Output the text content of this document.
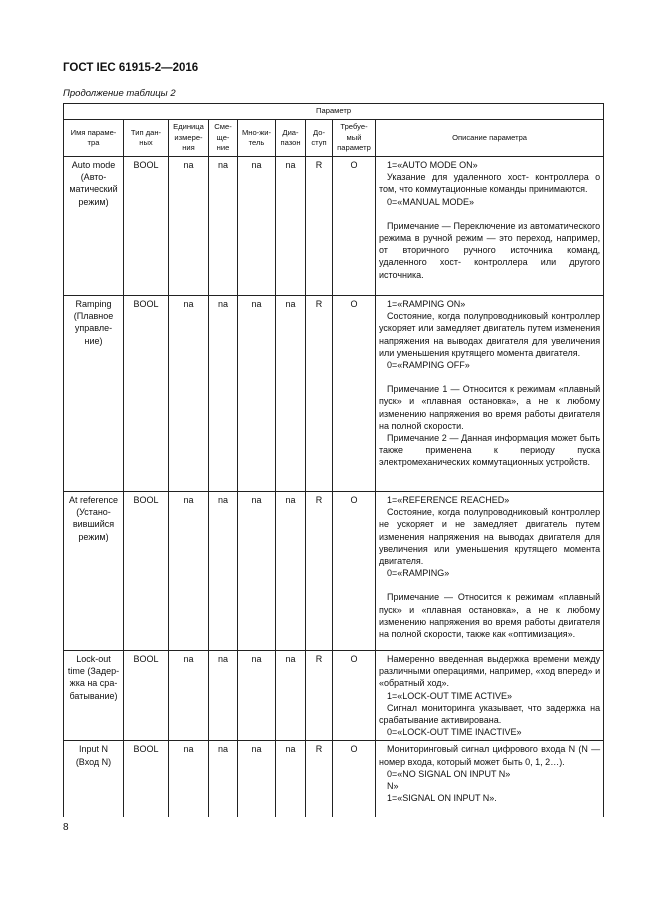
ГОСТ IEC 61915-2—2016
Продолжение таблицы 2
Параметр								
Имя параме-тра	Тип дан-ных	Единица измере-ния	Сме-ще-ние	Мно-жи-тель	Диа-пазон	До-ступ	Требуе-мый параметр	Описание параметра
Auto mode (Авто-матический режим)	BOOL	na	na	na	na	R	O	1=«AUTO MODE ON»

Указание для удаленного хост- контроллера о том, что коммутационные команды принимаются.

0=«MANUAL MODE»

Примечание — Переключение из автоматического режима в ручной режим — это переход, например, от вторичного ручного источника команд, удаленного хост- контроллера или другого источника.

Ramping (Плавное управле-ние)	BOOL	na	na	na	na	R	O	1=«RAMPING ON»

Состояние, когда полупроводниковый контроллер ускоряет или замедляет двигатель путем изменения напряжения на выводах двигателя для увеличения или уменьшения крутящего момента двигателя.

0=«RAMPING OFF»

Примечание 1 — Относится к режимам «плавный пуск» и «плавная остановка», а не к любому изменению напряжения во время работы двигателя на полной скорости.

Примечание 2 — Данная информация может быть также применена к периоду пуска электромеханических коммутационных устройств.

At reference (Устано-вившийся режим)	BOOL	na	na	na	na	R	O	1=«REFERENCE REACHED»

Состояние, когда полупроводниковый контроллер не ускоряет и не замедляет двигатель путем изменения напряжения на выводах двигателя для увеличения или уменьшения крутящего момента двигателя.

0=«RAMPING»

Примечание — Относится к режимам «плавный пуск» и «плавная остановка», а не к любому изменению напряжения во время работы двигателя на полной скорости, также как «оптимизация».

Lock-out time (Задер-жка на сра-батывание)	BOOL	na	na	na	na	R	O	Намеренно введенная выдержка времени между различными операциями, например, «ход вперед» и «обратный ход».

1=«LOCK-OUT TIME ACTIVE»

Сигнал мониторинга указывает, что задержка на срабатывание активирована.

0=«LOCK-OUT TIME INACTIVE»

Input N (Вход N)	BOOL	na	na	na	na	R	O	Мониторинговый сигнал цифрового входа N (N — номер входа, который может быть 0, 1, 2…).

0=«NO SIGNAL ON INPUT N»

N»

1=«SIGNAL ON INPUT N».

8
